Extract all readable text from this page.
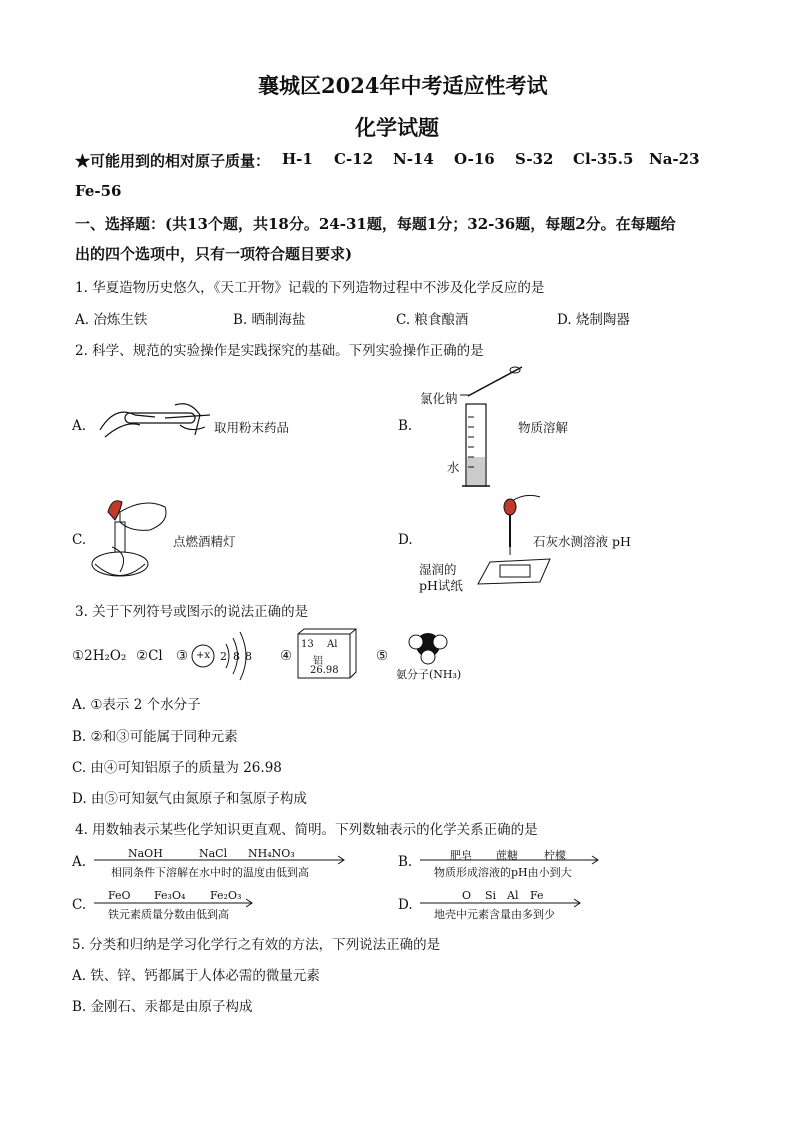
襄城区2024年中考适应性考试
化学试题
★可能用到的相对原子质量： H-1 C-12 N-14 O-16 S-32 Cl-35.5 Na-23
Fe-56
一、选择题：(共13个题，共18分。24-31题，每题1分；32-36题，每题2分。在每题给
出的四个选项中，只有一项符合题目要求)
1. 华夏造物历史悠久，《天工开物》记载的下列造物过程中不涉及化学反应的是
A. 冶炼生铁	B. 晒制海盐	C. 粮食酿酒	D. 烧制陶器
2. 科学、规范的实验操作是实践探究的基础。下列实验操作正确的是
A.	取用粉末药品	B.
氯化钠
水
物质溶解
C.	点燃酒精灯	D.	石灰水测溶液 pH
湿润的
pH试纸
3. 关于下列符号或图示的说法正确的是
①2H₂O₂ ②Cl ③ +x 2 8 8 ④
13 Al
铝
26.98
⑤
氨分子(NH₃)
A. ①表示 2 个水分子
B. ②和③可能属于同种元素
C. 由④可知铝原子的质量为 26.98
D. 由⑤可知氨气由氮原子和氢原子构成
4. 用数轴表示某些化学知识更直观、简明。下列数轴表示的化学关系正确的是
A.
NaOH	NaCl NH₄NO₃
相同条件下溶解在水中时的温度由低到高
B.	肥皂 蔗糖 柠檬
物质形成溶液的pH由小到大
C.
FeO Fe₃O₄ Fe₂O₃
铁元素质量分数由低到高
D.
O Si Al Fe
地壳中元素含量由多到少
5. 分类和归纳是学习化学行之有效的方法，下列说法正确的是
A. 铁、锌、钙都属于人体必需的微量元素
B. 金刚石、汞都是由原子构成
